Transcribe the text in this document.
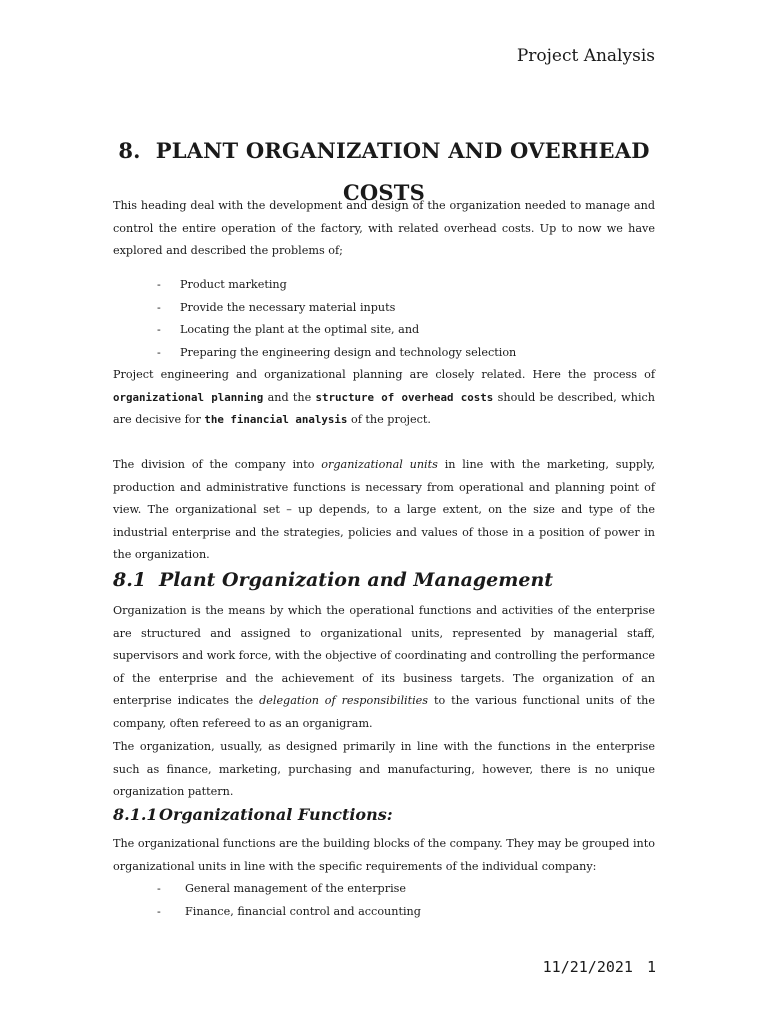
Project Analysis
8. PLANT ORGANIZATION AND OVERHEAD
COSTS

This heading deal with the development and design of the organization needed to manage and control the entire operation of the factory, with related overhead costs. Up to now we have explored and described the problems of;

- Product marketing
- Provide the necessary material inputs
- Locating the plant at the optimal site, and
- Preparing the engineering design and technology selection

Project engineering and organizational planning are closely related. Here the process of organizational planning and the structure of overhead costs should be described, which are decisive for the financial analysis of the project.

The division of the company into organizational units in line with the marketing, supply, production and administrative functions is necessary from operational and planning point of view. The organizational set – up depends, to a large extent, on the size and type of the industrial enterprise and the strategies, policies and values of those in a position of power in the organization.

8.1 Plant Organization and Management

Organization is the means by which the operational functions and activities of the enterprise are structured and assigned to organizational units, represented by managerial staff, supervisors and work force, with the objective of coordinating and controlling the performance of the enterprise and the achievement of its business targets. The organization of an enterprise indicates the delegation of responsibilities to the various functional units of the company, often refereed to as an organigram.

The organization, usually, as designed primarily in line with the functions in the enterprise such as finance, marketing, purchasing and manufacturing, however, there is no unique organization pattern.

8.1.1Organizational Functions:

The organizational functions are the building blocks of the company. They may be grouped into organizational units in line with the specific requirements of the individual company:

- General management of the enterprise
- Finance, financial control and accounting
11/21/2021 1
